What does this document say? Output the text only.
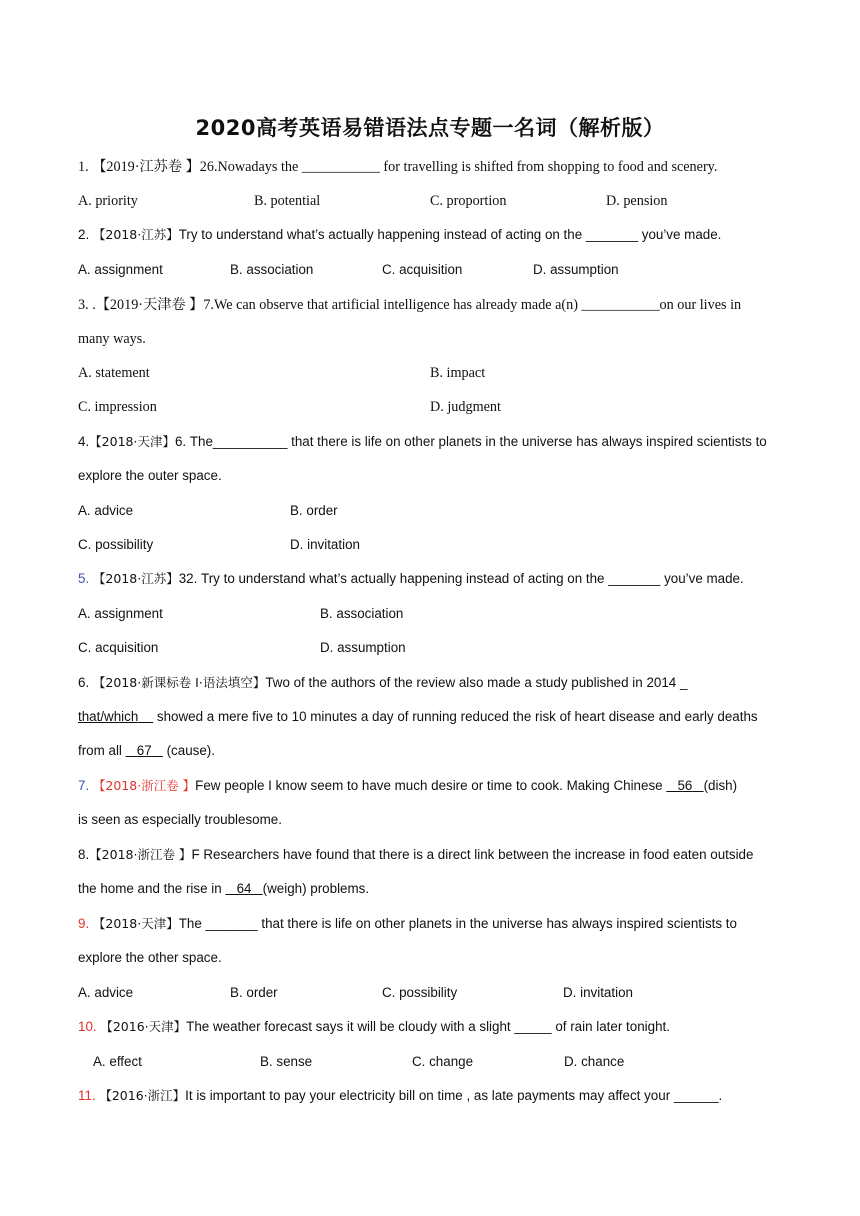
2020高考英语易错语法点专题一名词（解析版）
1. 【2019·江苏卷 】26.Nowadays the ___________ for travelling is shifted from shopping to food and scenery.
A. priority	B. potential	C. proportion	D. pension
2. 【2018·江苏】Try to understand what’s actually happening instead of acting on the _______ you’ve made.
A. assignment	B. association	C. acquisition	D. assumption
3. .【2019·天津卷 】7.We can observe that artificial intelligence has already made a(n) ___________on our lives in
many ways.
A. statement	B. impact
C. impression	D. judgment
4.【2018·天津】6. The__________ that there is life on other planets in the universe has always inspired scientists to
explore the outer space.
A. advice	B. order
C. possibility	D. invitation
5. 【2018·江苏】32. Try to understand what’s actually happening instead of acting on the _______ you’ve made.
A. assignment	B. association
C. acquisition	D. assumption
6. 【2018·新课标卷 I·语法填空】Two of the authors of the review also made a study published in 2014 _
that/which     showed a mere five to 10 minutes a day of running reduced the risk of heart disease and early deaths
from all    67    (cause).
7. 【2018·浙江卷 】Few people I know seem to have much desire or time to cook. Making Chinese    56 (dish)
is seen as especially troublesome.
8.【2018·浙江卷 】F Researchers have found that there is a direct link between the increase in food eaten outside
the home and the rise in    64 (weigh) problems.
9. 【2018·天津】The _______ that there is life on other planets in the universe has always inspired scientists to
explore the other space.
A. advice	B. order	C. possibility	D. invitation
10. 【2016·天津】The weather forecast says it will be cloudy with a slight _____ of rain later tonight.
A. effect	B. sense	C. change	D. chance
11. 【2016·浙江】It is important to pay your electricity bill on time , as late payments may affect your ______.
